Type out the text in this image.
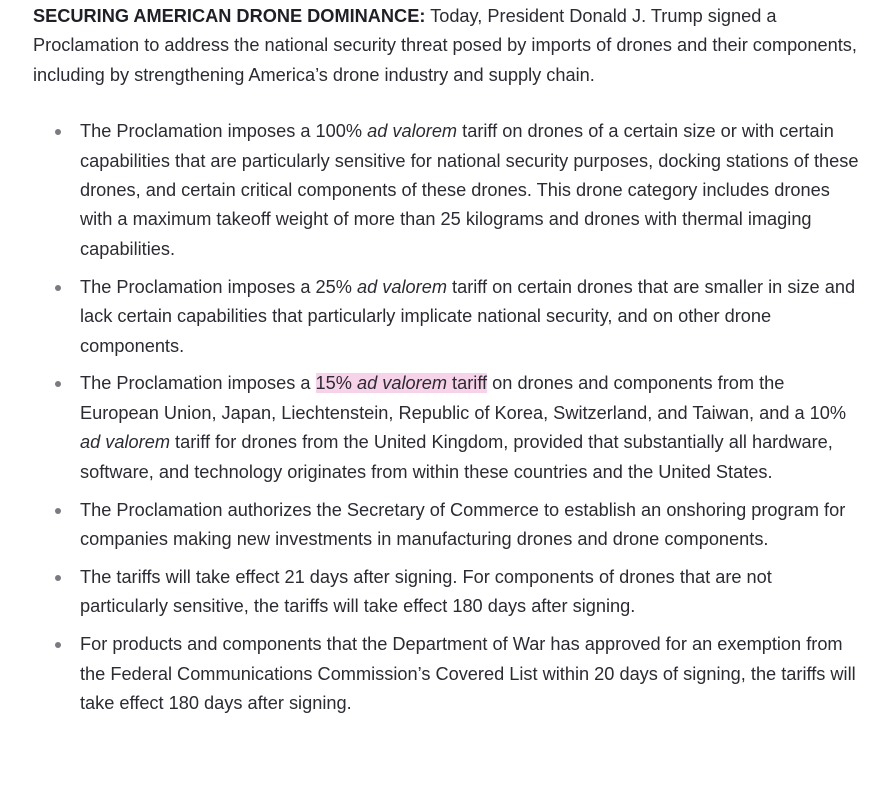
SECURING AMERICAN DRONE DOMINANCE: Today, President Donald J. Trump signed a Proclamation to address the national security threat posed by imports of drones and their components, including by strengthening America’s drone industry and supply chain.

The Proclamation imposes a 100% ad valorem tariff on drones of a certain size or with certain capabilities that are particularly sensitive for national security purposes, docking stations of these drones, and certain critical components of these drones. This drone category includes drones with a maximum takeoff weight of more than 25 kilograms and drones with thermal imaging capabilities.
The Proclamation imposes a 25% ad valorem tariff on certain drones that are smaller in size and lack certain capabilities that particularly implicate national security, and on other drone components.
The Proclamation imposes a 15% ad valorem tariff on drones and components from the European Union, Japan, Liechtenstein, Republic of Korea, Switzerland, and Taiwan, and a 10% ad valorem tariff for drones from the United Kingdom, provided that substantially all hardware, software, and technology originates from within these countries and the United States.
The Proclamation authorizes the Secretary of Commerce to establish an onshoring program for companies making new investments in manufacturing drones and drone components.
The tariffs will take effect 21 days after signing. For components of drones that are not particularly sensitive, the tariffs will take effect 180 days after signing.
For products and components that the Department of War has approved for an exemption from the Federal Communications Commission’s Covered List within 20 days of signing, the tariffs will take effect 180 days after signing.
